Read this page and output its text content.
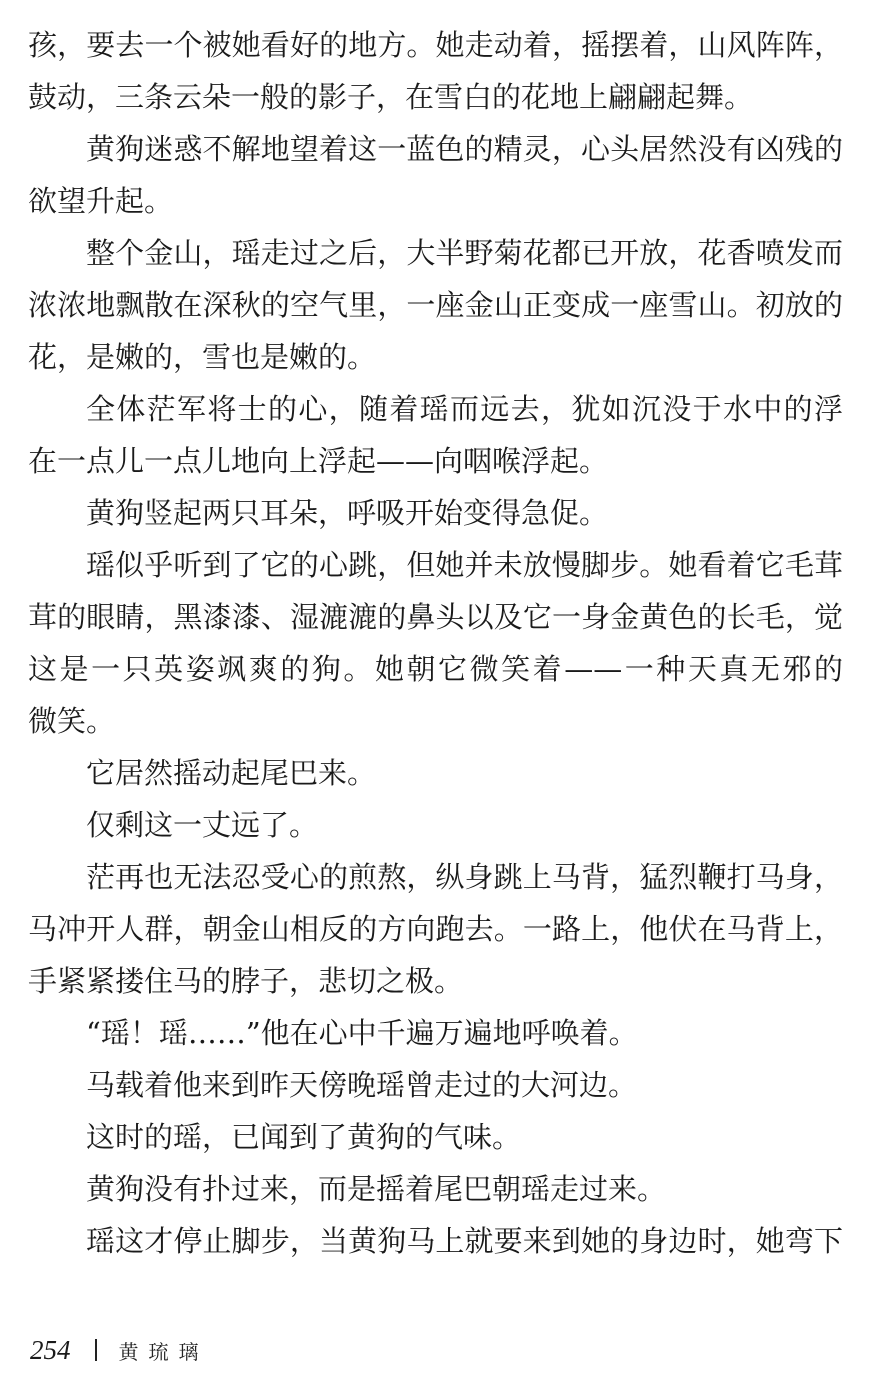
孩，要去一个被她看好的地方。她走动着，摇摆着，山风阵阵，
鼓动，三条云朵一般的影子，在雪白的花地上翩翩起舞。
黄狗迷惑不解地望着这一蓝色的精灵，心头居然没有凶残的
欲望升起。
整个金山，瑶走过之后，大半野菊花都已开放，花香喷发而
浓浓地飘散在深秋的空气里，一座金山正变成一座雪山。初放的
花，是嫩的，雪也是嫩的。
全体茫军将士的心，随着瑶而远去，犹如沉没于水中的浮
在一点儿一点儿地向上浮起——向咽喉浮起。
黄狗竖起两只耳朵，呼吸开始变得急促。
瑶似乎听到了它的心跳，但她并未放慢脚步。她看着它毛茸
茸的眼睛，黑漆漆、湿漉漉的鼻头以及它一身金黄色的长毛，觉
这是一只英姿飒爽的狗。她朝它微笑着——一种天真无邪的
微笑。
它居然摇动起尾巴来。
仅剩这一丈远了。
茫再也无法忍受心的煎熬，纵身跳上马背，猛烈鞭打马身，
马冲开人群，朝金山相反的方向跑去。一路上，他伏在马背上，
手紧紧搂住马的脖子，悲切之极。
“瑶！瑶……”他在心中千遍万遍地呼唤着。
马载着他来到昨天傍晚瑶曾走过的大河边。
这时的瑶，已闻到了黄狗的气味。
黄狗没有扑过来，而是摇着尾巴朝瑶走过来。
瑶这才停止脚步，当黄狗马上就要来到她的身边时，她弯下
254 黄琉璃
